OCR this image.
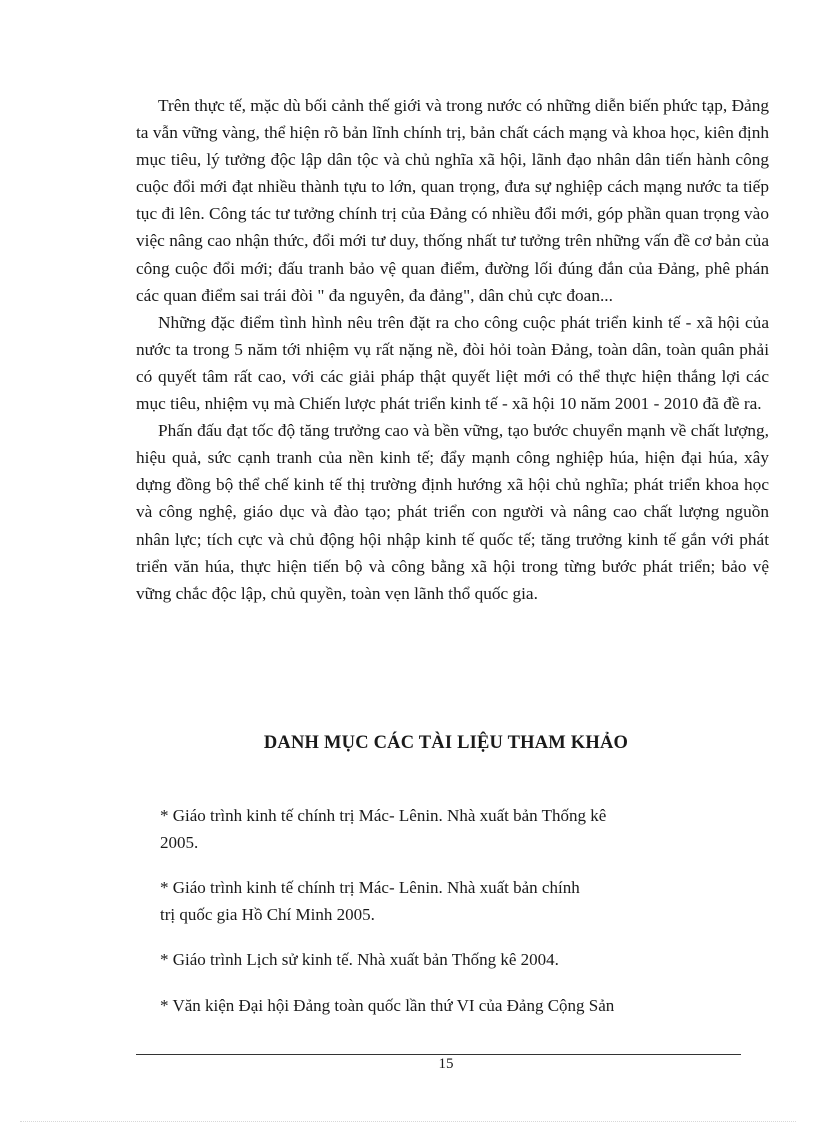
Trên thực tế, mặc dù bối cảnh thế giới và trong nước có những diễn biến phức tạp, Đảng ta vẫn vững vàng, thể hiện rõ bản lĩnh chính trị, bản chất cách mạng và khoa học, kiên định mục tiêu, lý tưởng độc lập dân tộc và chủ nghĩa xã hội, lãnh đạo nhân dân tiến hành công cuộc đổi mới đạt nhiều thành tựu to lớn, quan trọng, đưa sự nghiệp cách mạng nước ta tiếp tục đi lên. Công tác tư tưởng chính trị của Đảng có nhiều đổi mới, góp phần quan trọng vào việc nâng cao nhận thức, đổi mới tư duy, thống nhất tư tưởng trên những vấn đề cơ bản của công cuộc đổi mới; đấu tranh bảo vệ quan điểm, đường lối đúng đắn của Đảng, phê phán các quan điểm sai trái đòi " đa nguyên, đa đảng", dân chủ cực đoan...

Những đặc điểm tình hình nêu trên đặt ra cho công cuộc phát triển kinh tế - xã hội của nước ta trong 5 năm tới nhiệm vụ rất nặng nề, đòi hỏi toàn Đảng, toàn dân, toàn quân phải có quyết tâm rất cao, với các giải pháp thật quyết liệt mới có thể thực hiện thắng lợi các mục tiêu, nhiệm vụ mà Chiến lược phát triển kinh tế - xã hội 10 năm 2001 - 2010 đã đề ra.

Phấn đấu đạt tốc độ tăng trưởng cao và bền vững, tạo bước chuyển mạnh về chất lượng, hiệu quả, sức cạnh tranh của nền kinh tế; đẩy mạnh công nghiệp húa, hiện đại húa, xây dựng đồng bộ thể chế kinh tế thị trường định hướng xã hội chủ nghĩa; phát triển khoa học và công nghệ, giáo dục và đào tạo; phát triển con người và nâng cao chất lượng nguồn nhân lực; tích cực và chủ động hội nhập kinh tế quốc tế; tăng trưởng kinh tế gắn với phát triển văn húa, thực hiện tiến bộ và công bằng xã hội trong từng bước phát triển; bảo vệ vững chắc độc lập, chủ quyền, toàn vẹn lãnh thổ quốc gia.

DANH MỤC CÁC TÀI LIỆU THAM KHẢO
* Giáo trình kinh tế chính trị Mác- Lênin. Nhà xuất bản Thống kê
2005.
* Giáo trình kinh tế chính trị Mác- Lênin. Nhà xuất bản chính
trị quốc gia Hồ Chí Minh 2005.
* Giáo trình Lịch sử kinh tế. Nhà xuất bản Thống kê 2004.
* Văn kiện Đại hội Đảng toàn quốc lần thứ VI của Đảng Cộng Sản
15
